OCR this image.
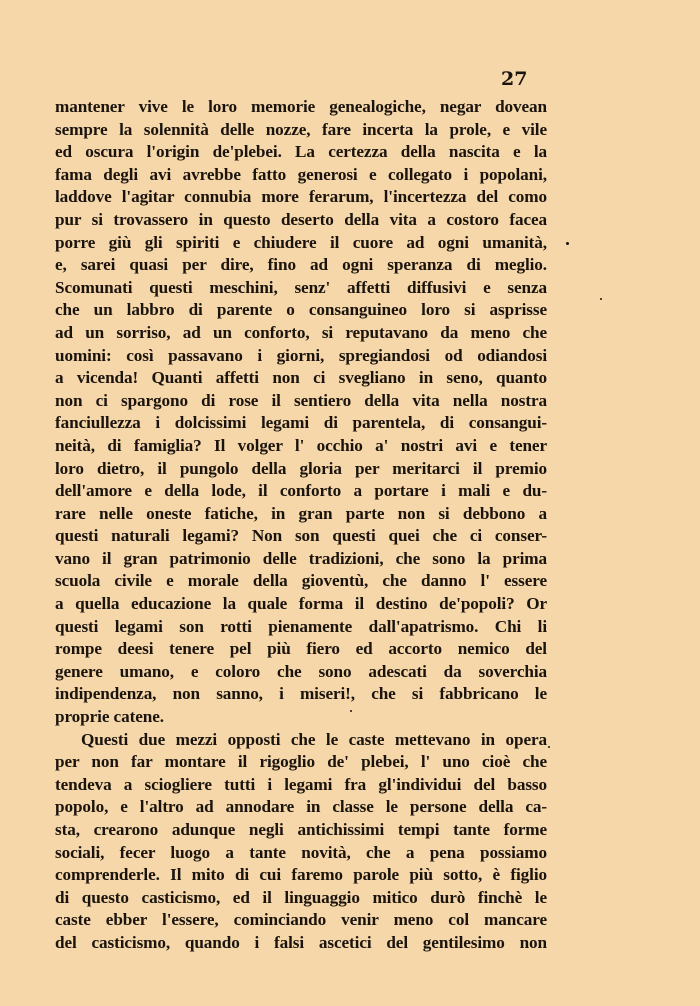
27
mantener vive le loro memorie genealogiche, negar dovean
sempre la solennità delle nozze, fare incerta la prole, e vile
ed oscura l'origin de'plebei. La certezza della nascita e la
fama degli avi avrebbe fatto generosi e collegato i popolani,
laddove l'agitar connubia more ferarum, l'incertezza del como
pur si trovassero in questo deserto della vita a costoro facea
porre giù gli spiriti e chiudere il cuore ad ogni umanità,
e, sarei quasi per dire, fino ad ogni speranza di meglio.
Scomunati questi meschini, senz' affetti diffusivi e senza
che un labbro di parente o consanguineo loro si asprisse
ad un sorriso, ad un conforto, si reputavano da meno che
uomini: così passavano i giorni, spregiandosi od odiandosi
a vicenda! Quanti affetti non ci svegliano in seno, quanto
non ci spargono di rose il sentiero della vita nella nostra
fanciullezza i dolcissimi legami di parentela, di consangui-
neità, di famiglia? Il volger l' occhio a' nostri avi e tener
loro dietro, il pungolo della gloria per meritarci il premio
dell'amore e della lode, il conforto a portare i mali e du-
rare nelle oneste fatiche, in gran parte non si debbono a
questi naturali legami? Non son questi quei che ci conser-
vano il gran patrimonio delle tradizioni, che sono la prima
scuola civile e morale della gioventù, che danno l' essere
a quella educazione la quale forma il destino de'popoli? Or
questi legami son rotti pienamente dall'apatrismo. Chi li
rompe deesi tenere pel più fiero ed accorto nemico del
genere umano, e coloro che sono adescati da soverchia
indipendenza, non sanno, i miseri!, che si fabbricano le
proprie catene.
Questi due mezzi opposti che le caste mettevano in opera
per non far montare il rigoglio de' plebei, l' uno cioè che
tendeva a sciogliere tutti i legami fra gl'individui del basso
popolo, e l'altro ad annodare in classe le persone della ca-
sta, crearono adunque negli antichissimi tempi tante forme
sociali, fecer luogo a tante novità, che a pena possiamo
comprenderle. Il mito di cui faremo parole più sotto, è figlio
di questo casticismo, ed il linguaggio mitico durò finchè le
caste ebber l'essere, cominciando venir meno col mancare
del casticismo, quando i falsi ascetici del gentilesimo non
